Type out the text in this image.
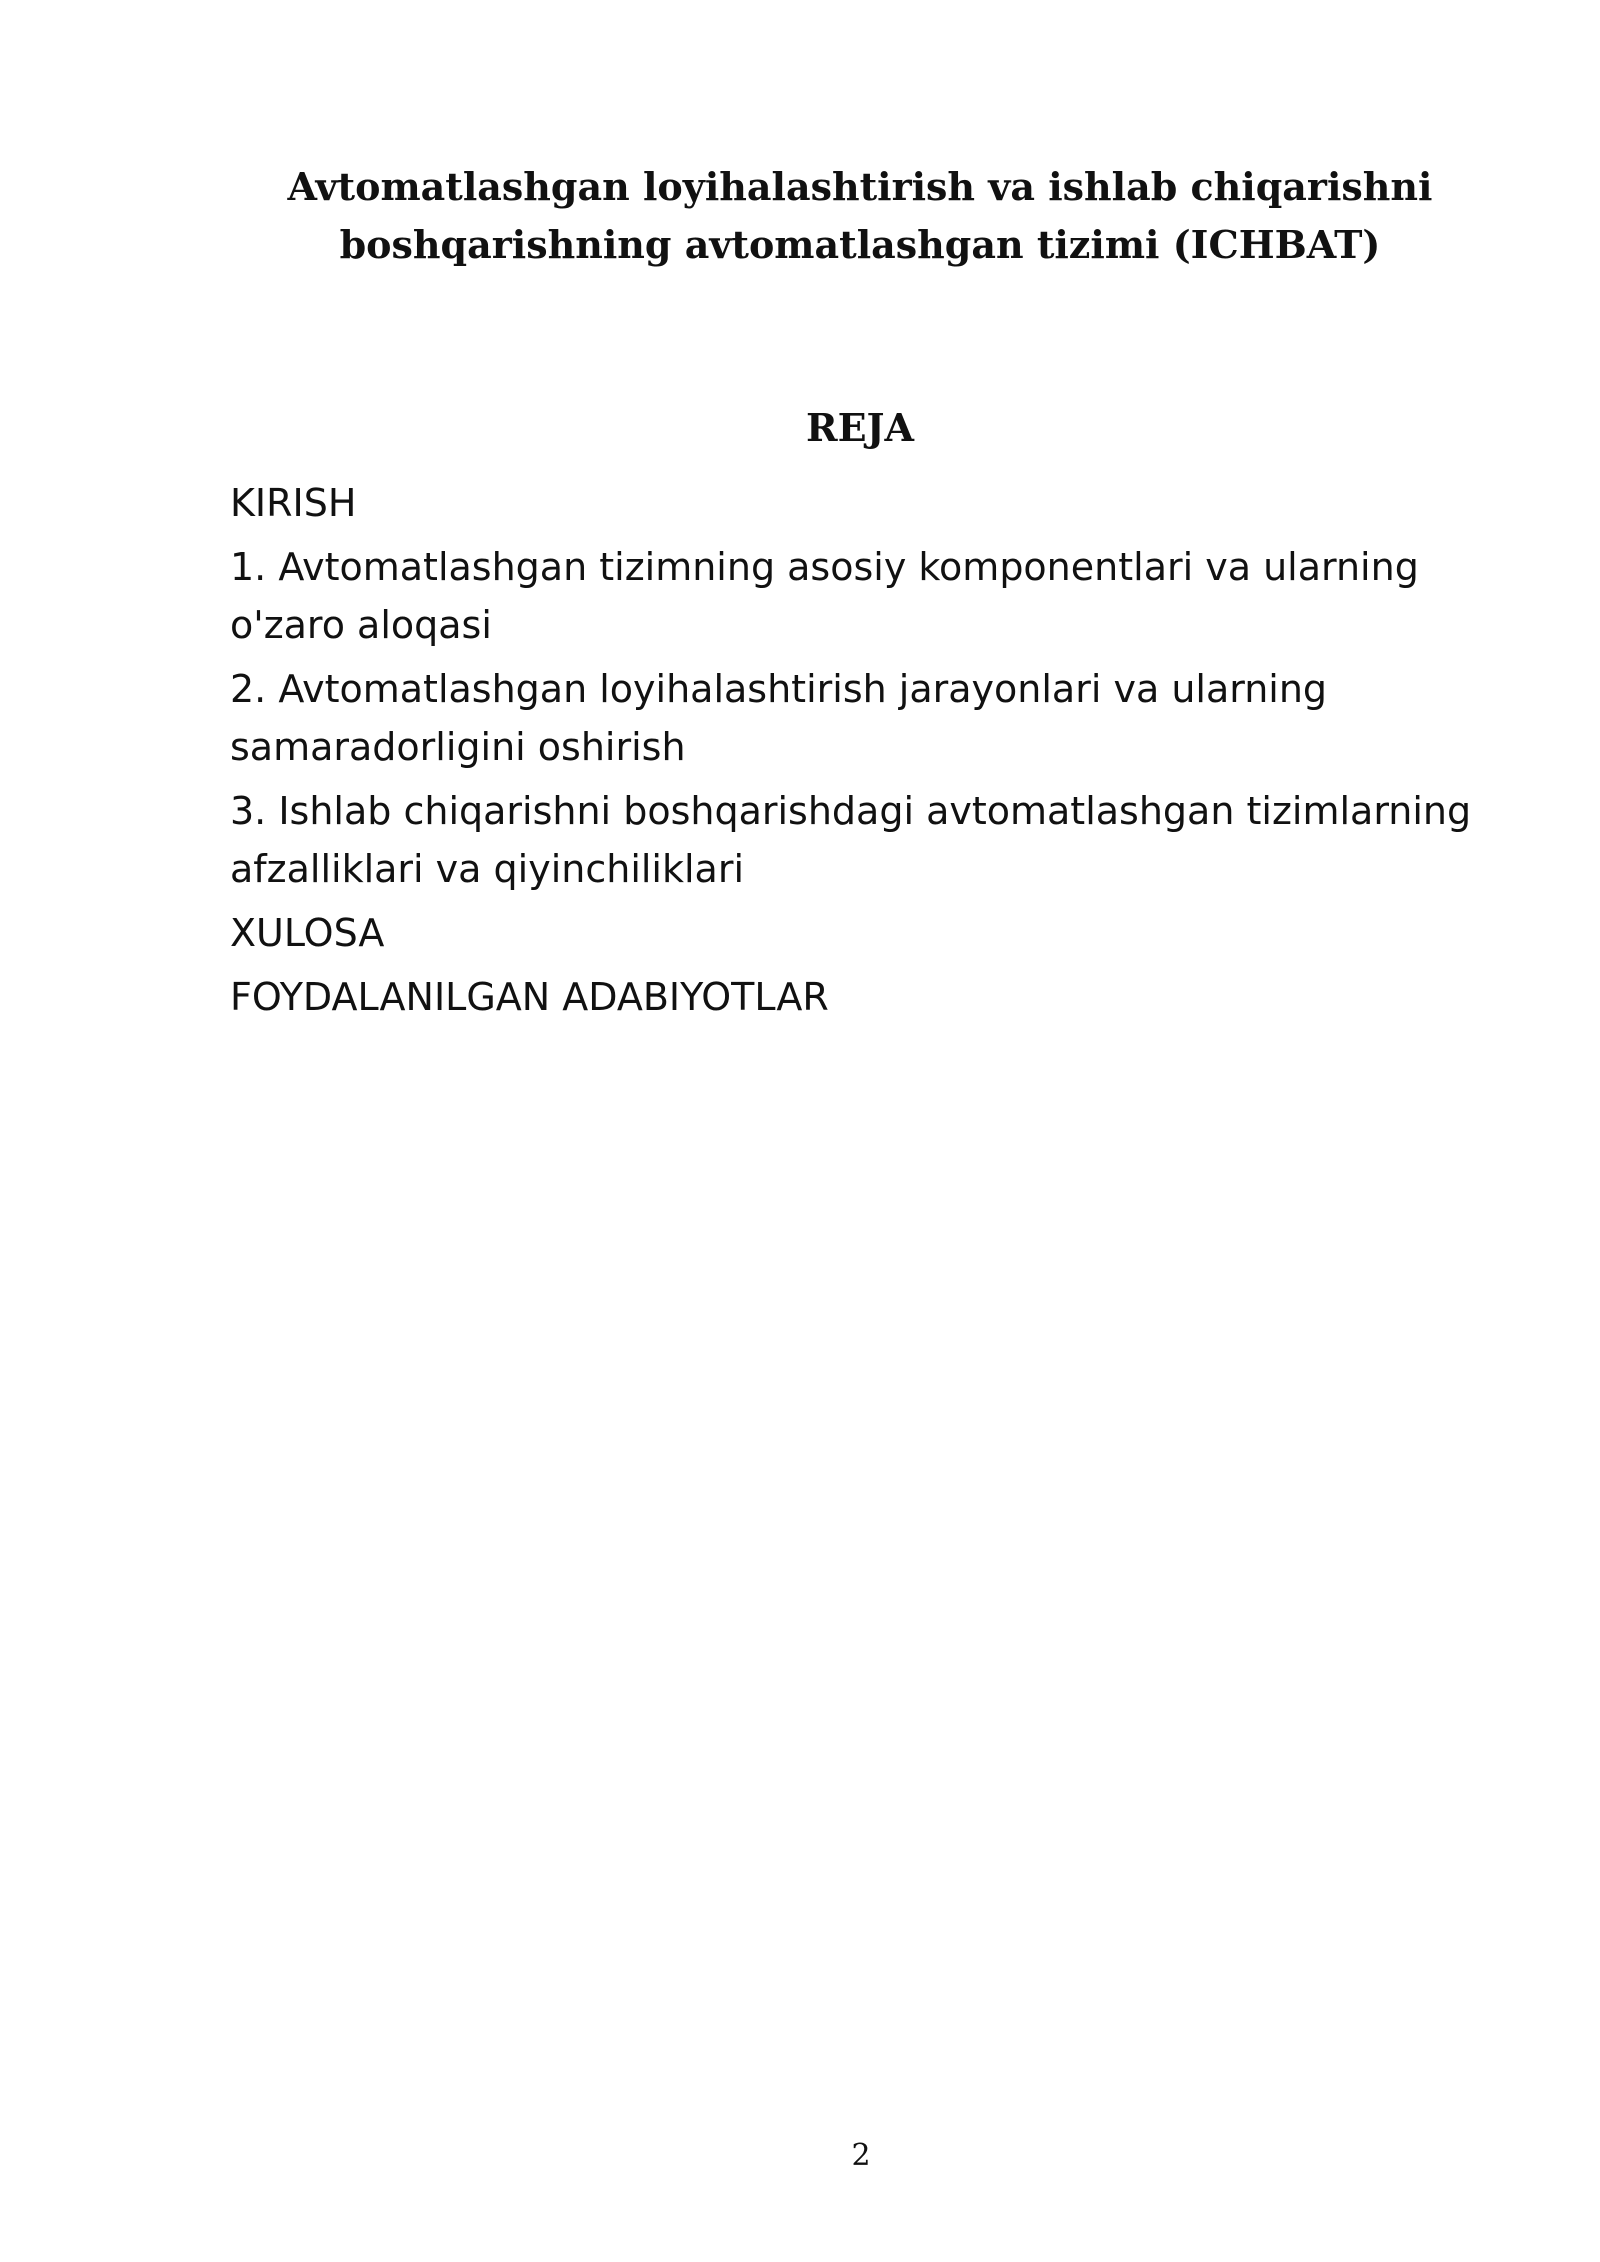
Avtomatlashgan loyihalashtirish va ishlab chiqarishni
boshqarishning avtomatlashgan tizimi (ICHBAT)
REJA
KIRISH
1. Avtomatlashgan tizimning asosiy komponentlari va ularning
o'zaro aloqasi
2. Avtomatlashgan loyihalashtirish jarayonlari va ularning
samaradorligini oshirish
3. Ishlab chiqarishni boshqarishdagi avtomatlashgan tizimlarning
afzalliklari va qiyinchiliklari
XULOSA
FOYDALANILGAN ADABIYOTLAR
2
